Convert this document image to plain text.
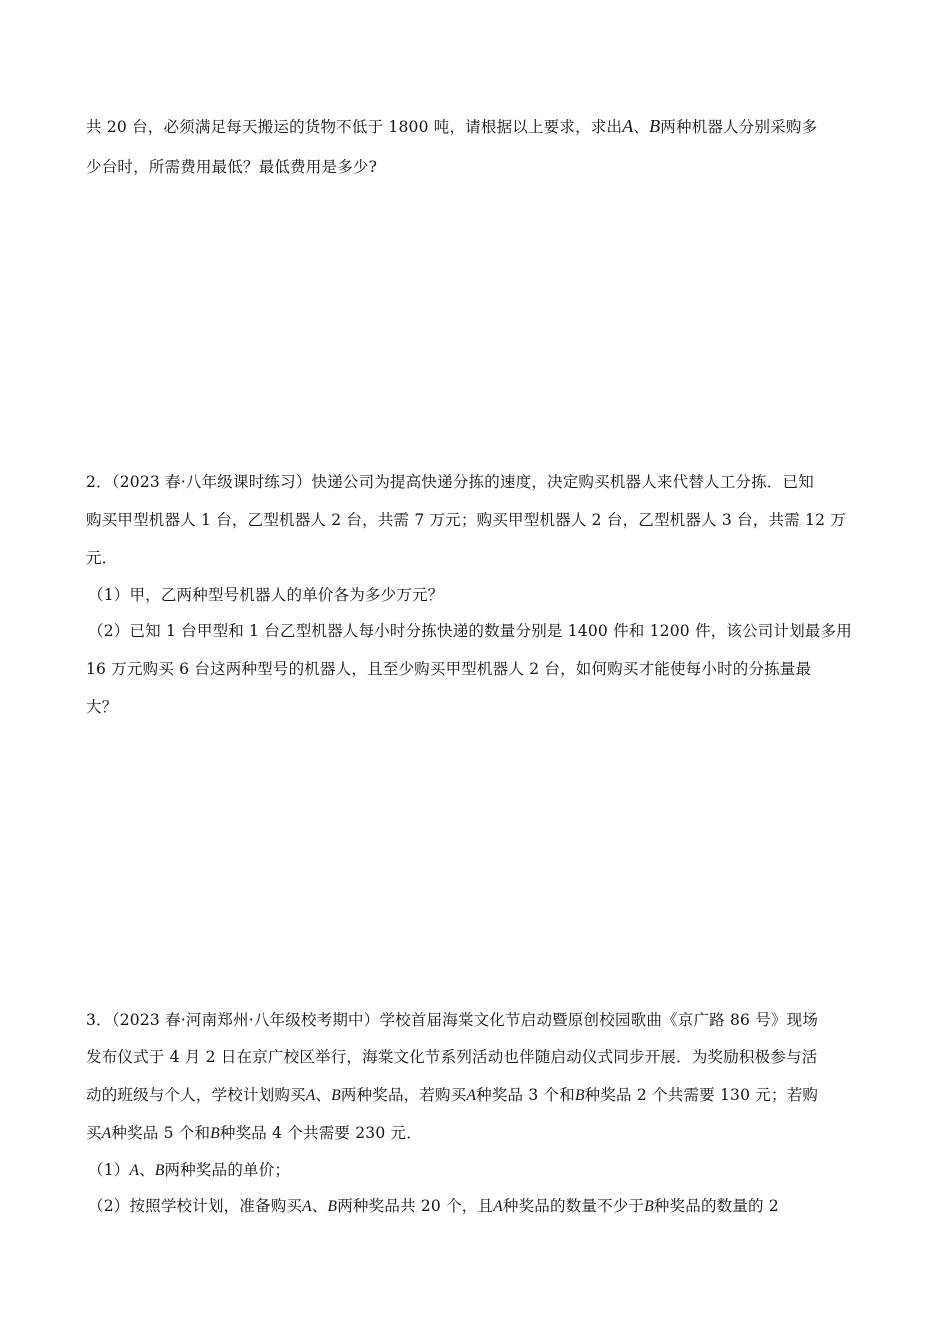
共 20 台，必须满足每天搬运的货物不低于 1800 吨，请根据以上要求，求出A、B两种机器人分别采购多
少台时，所需费用最低？最低费用是多少?
2．（2023 春·八年级课时练习）快递公司为提高快递分拣的速度，决定购买机器人来代替人工分拣．已知
购买甲型机器人 1 台，乙型机器人 2 台，共需 7 万元；购买甲型机器人 2 台，乙型机器人 3 台，共需 12 万
元．
（1）甲，乙两种型号机器人的单价各为多少万元？
（2）已知 1 台甲型和 1 台乙型机器人每小时分拣快递的数量分别是 1400 件和 1200 件，该公司计划最多用
16 万元购买 6 台这两种型号的机器人，且至少购买甲型机器人 2 台，如何购买才能使每小时的分拣量最
大？
3．（2023 春·河南郑州·八年级校考期中）学校首届海棠文化节启动暨原创校园歌曲《京广路 86 号》现场
发布仪式于 4 月 2 日在京广校区举行，海棠文化节系列活动也伴随启动仪式同步开展．为奖励积极参与活
动的班级与个人，学校计划购买A、B两种奖品，若购买A种奖品 3 个和B种奖品 2 个共需要 130 元；若购
买A种奖品 5 个和B种奖品 4 个共需要 230 元．
（1）A、B两种奖品的单价；
（2）按照学校计划，准备购买A、B两种奖品共 20 个，且A种奖品的数量不少于B种奖品的数量的 2
